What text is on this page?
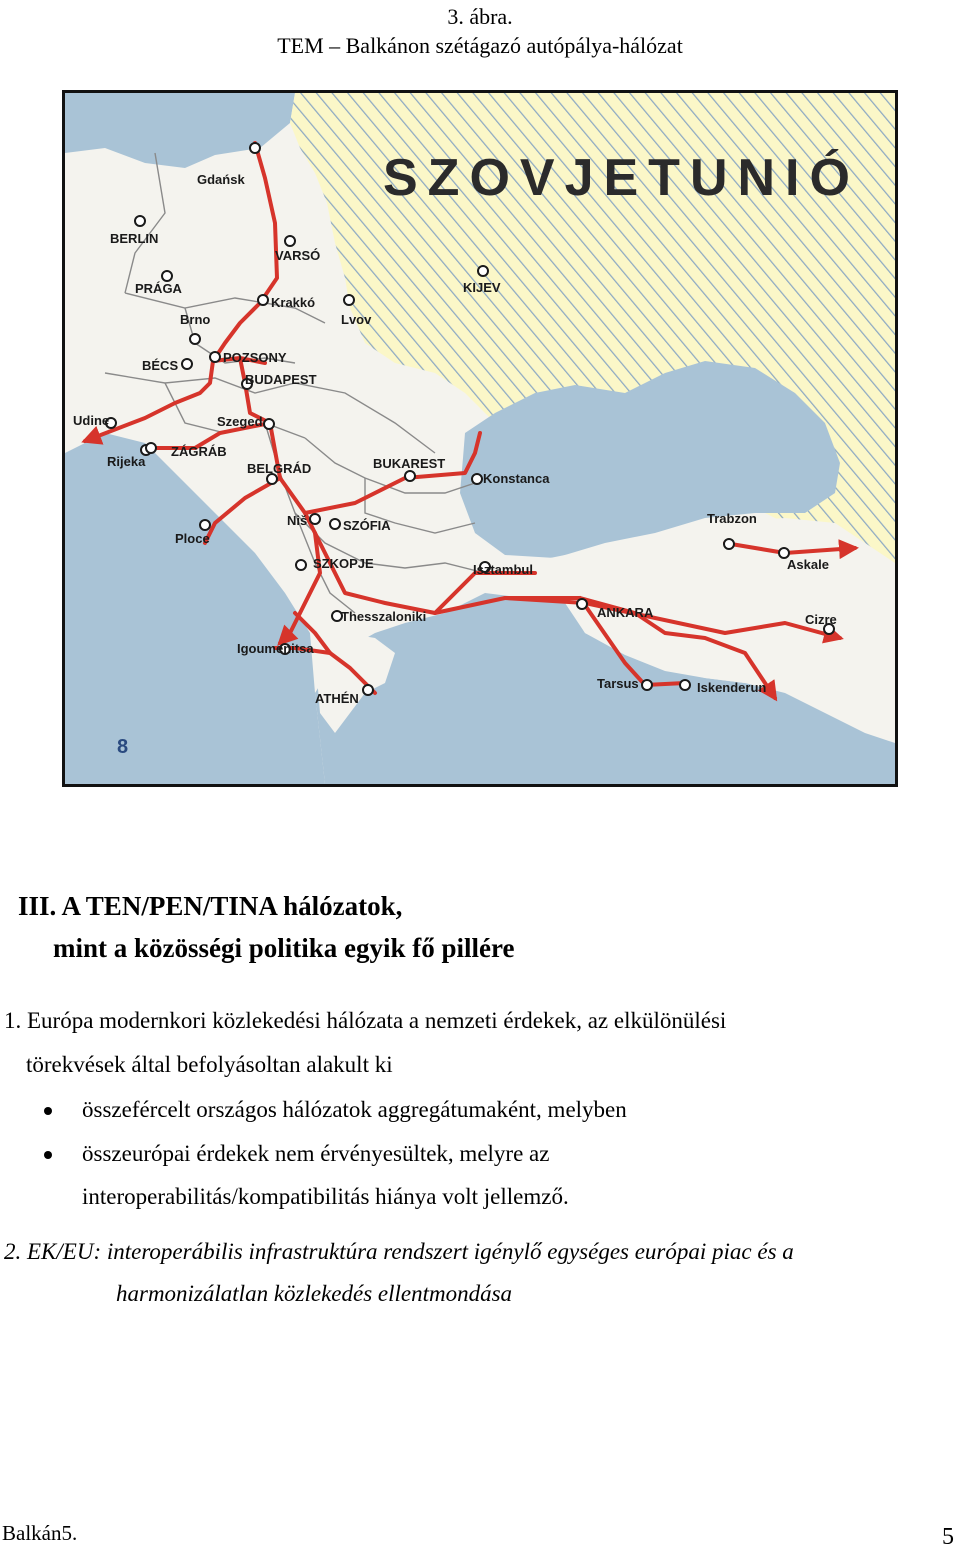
3. ábra.
TEM – Balkánon szétágazó autópálya-hálózat
SZOVJETUNIÓ
8
Gdańsk
BERLIN
VARSÓ
PRÁGA	KIJEV
Krakkó
Brno	Lvov
BÉCS
POZSONY
BUDAPEST
Udine	Szeged
Rijeka
ZÁGRÁB
BELGRÁD	BUKAREST
Konstanca
Niš	SZÓFIA
Ploce
Trabzon
Askale
SZKOPJE	Isztambul
ANKARA
Thesszaloniki	Cizre
Igoumenitsa
Tarsus	Iskenderun
ATHÉN
III. A TEN/PEN/TINA hálózatok,
mint a közösségi politika egyik fő pillére
1. Európa modernkori közlekedési hálózata a nemzeti érdekek, az elkülönülési
törekvések által befolyásoltan alakult ki
összefércelt országos hálózatok aggregátumaként, melyben
összeurópai érdekek nem érvényesültek, melyre az
interoperabilitás/kompatibilitás hiánya volt jellemző.
2. EK/EU: interoperábilis infrastruktúra rendszert igénylő egységes európai piac és a
harmonizálatlan közlekedés ellentmondása
Balkán5.	5
